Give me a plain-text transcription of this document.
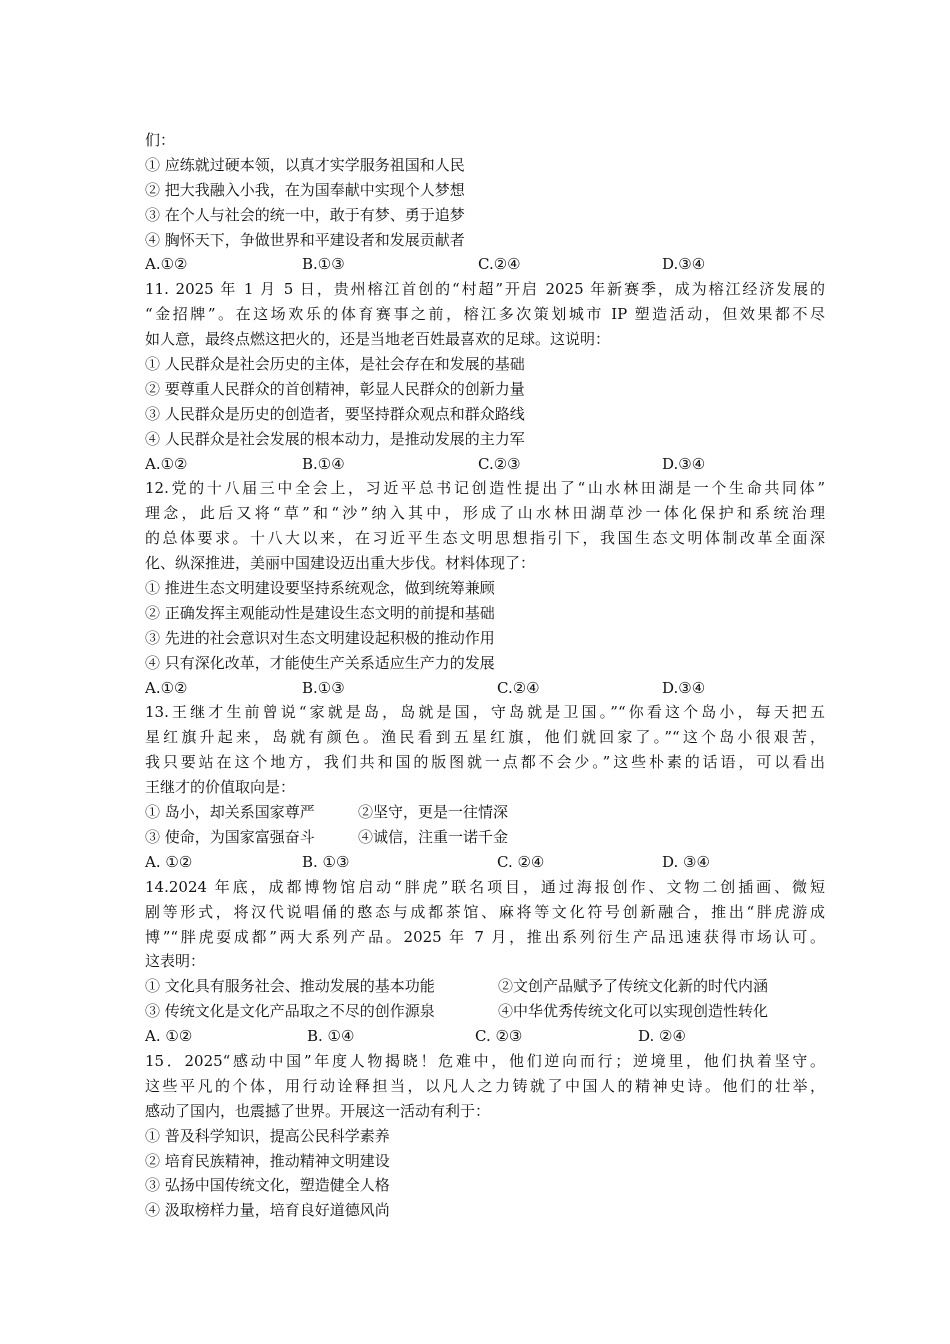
们：
① 应练就过硬本领，以真才实学服务祖国和人民
② 把大我融入小我，在为国奉献中实现个人梦想
③ 在个人与社会的统一中，敢于有梦、勇于追梦
④ 胸怀天下，争做世界和平建设者和发展贡献者
A.①②	B.①③	C.②④	D.③④
11. 2025 年 1 月 5 日，贵州榕江首创的“村超”开启 2025 年新赛季，成为榕江经济发展的
“金招牌”。在这场欢乐的体育赛事之前，榕江多次策划城市 IP 塑造活动，但效果都不尽
如人意，最终点燃这把火的，还是当地老百姓最喜欢的足球。这说明：
① 人民群众是社会历史的主体，是社会存在和发展的基础
② 要尊重人民群众的首创精神，彰显人民群众的创新力量
③ 人民群众是历史的创造者，要坚持群众观点和群众路线
④ 人民群众是社会发展的根本动力，是推动发展的主力军
A.①②	B.①④	C.②③	D.③④
12.党的十八届三中全会上，习近平总书记创造性提出了“山水林田湖是一个生命共同体”
理念，此后又将“草”和“沙”纳入其中，形成了山水林田湖草沙一体化保护和系统治理
的总体要求。十八大以来，在习近平生态文明思想指引下，我国生态文明体制改革全面深
化、纵深推进，美丽中国建设迈出重大步伐。材料体现了：
① 推进生态文明建设要坚持系统观念，做到统筹兼顾
② 正确发挥主观能动性是建设生态文明的前提和基础
③ 先进的社会意识对生态文明建设起积极的推动作用
④ 只有深化改革，才能使生产关系适应生产力的发展
A.①②	B.①③	C.②④	D.③④
13.王继才生前曾说“家就是岛，岛就是国，守岛就是卫国。”“你看这个岛小，每天把五
星红旗升起来，岛就有颜色。渔民看到五星红旗，他们就回家了。”“这个岛小很艰苦，
我只要站在这个地方，我们共和国的版图就一点都不会少。”这些朴素的话语，可以看出
王继才的价值取向是：
① 岛小，却关系国家尊严	②坚守，更是一往情深
③ 使命，为国家富强奋斗	④诚信，注重一诺千金
A. ①②	B. ①③	C. ②④	D. ③④
14.2024 年底，成都博物馆启动“胖虎”联名项目，通过海报创作、文物二创插画、微短
剧等形式，将汉代说唱俑的憨态与成都茶馆、麻将等文化符号创新融合，推出“胖虎游成
博”“胖虎耍成都”两大系列产品。2025 年 7 月，推出系列衍生产品迅速获得市场认可。
这表明：
① 文化具有服务社会、推动发展的基本功能	②文创产品赋予了传统文化新的时代内涵
③ 传统文化是文化产品取之不尽的创作源泉	④中华优秀传统文化可以实现创造性转化
A. ①②	B. ①④	C. ②③	D. ②④
15．2025“感动中国”年度人物揭晓！危难中，他们逆向而行；逆境里，他们执着坚守。
这些平凡的个体，用行动诠释担当，以凡人之力铸就了中国人的精神史诗。他们的壮举，
感动了国内，也震撼了世界。开展这一活动有利于：
① 普及科学知识，提高公民科学素养
② 培育民族精神，推动精神文明建设
③ 弘扬中国传统文化，塑造健全人格
④ 汲取榜样力量，培育良好道德风尚
